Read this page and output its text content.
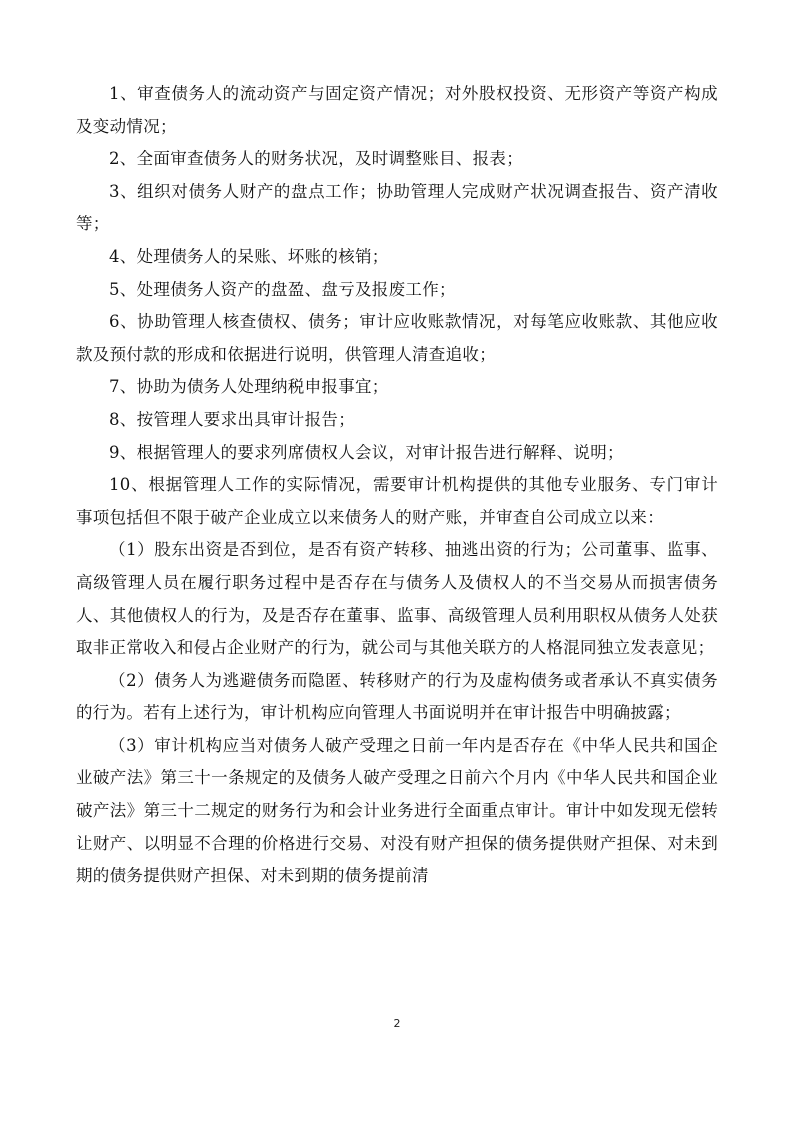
1、审查债务人的流动资产与固定资产情况；对外股权投资、无形资产等资产构成及变动情况；

2、全面审查债务人的财务状况，及时调整账目、报表；

3、组织对债务人财产的盘点工作；协助管理人完成财产状况调查报告、资产清收等；

4、处理债务人的呆账、坏账的核销；

5、处理债务人资产的盘盈、盘亏及报废工作；

6、协助管理人核查债权、债务；审计应收账款情况，对每笔应收账款、其他应收款及预付款的形成和依据进行说明，供管理人清查追收；

7、协助为债务人处理纳税申报事宜；

8、按管理人要求出具审计报告；

9、根据管理人的要求列席债权人会议，对审计报告进行解释、说明；

10、根据管理人工作的实际情况，需要审计机构提供的其他专业服务、专门审计事项包括但不限于破产企业成立以来债务人的财产账，并审查自公司成立以来：

（1）股东出资是否到位，是否有资产转移、抽逃出资的行为；公司董事、监事、高级管理人员在履行职务过程中是否存在与债务人及债权人的不当交易从而损害债务人、其他债权人的行为，及是否存在董事、监事、高级管理人员利用职权从债务人处获取非正常收入和侵占企业财产的行为，就公司与其他关联方的人格混同独立发表意见；

（2）债务人为逃避债务而隐匿、转移财产的行为及虚构债务或者承认不真实债务的行为。若有上述行为，审计机构应向管理人书面说明并在审计报告中明确披露；

（3）审计机构应当对债务人破产受理之日前一年内是否存在《中华人民共和国企业破产法》第三十一条规定的及债务人破产受理之日前六个月内《中华人民共和国企业破产法》第三十二规定的财务行为和会计业务进行全面重点审计。审计中如发现无偿转让财产、以明显不合理的价格进行交易、对没有财产担保的债务提供财产担保、对未到期的债务提供财产担保、对未到期的债务提前清

2
